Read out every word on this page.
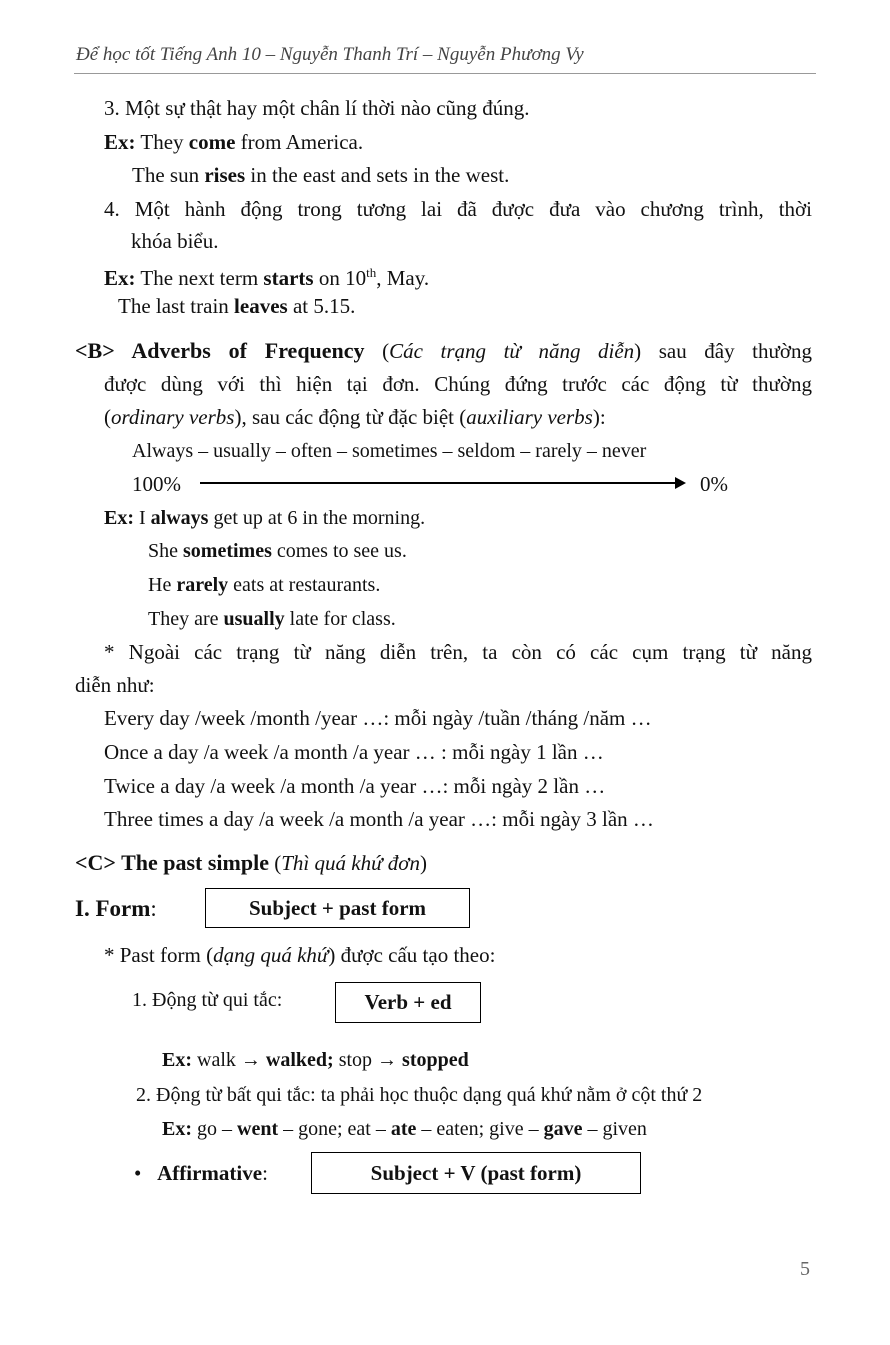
Để học tốt Tiếng Anh 10 – Nguyễn Thanh Trí – Nguyễn Phương Vy
3. Một sự thật hay một chân lí thời nào cũng đúng.
Ex: They come from America.
The sun rises in the east and sets in the west.
4. Một hành động trong tương lai đã được đưa vào chương trình, thời
khóa biểu.
Ex: The next term starts on 10th, May.
The last train leaves at 5.15.
<B> Adverbs of Frequency (Các trạng từ năng diễn) sau đây thường
được dùng với thì hiện tại đơn. Chúng đứng trước các động từ thường
(ordinary verbs), sau các động từ đặc biệt (auxiliary verbs):
Always – usually – often – sometimes – seldom – rarely – never
100%	0%
Ex: I always get up at 6 in the morning.
She sometimes comes to see us.
He rarely eats at restaurants.
They are usually late for class.
* Ngoài các trạng từ năng diễn trên, ta còn có các cụm trạng từ năng
diễn như:
Every day /week /month /year …: mỗi ngày /tuần /tháng /năm …
Once a day /a week /a month /a year … : mỗi ngày 1 lần …
Twice a day /a week /a month /a year …: mỗi ngày 2 lần …
Three times a day /a week /a month /a year …: mỗi ngày 3 lần …
<C> The past simple (Thì quá khứ đơn)
I. Form:	Subject + past form
* Past form (dạng quá khứ) được cấu tạo theo:
1. Động từ qui tắc:	Verb + ed
Ex: walk → walked; stop → stopped
2. Động từ bất qui tắc: ta phải học thuộc dạng quá khứ nằm ở cột thứ 2
Ex: go – went – gone; eat – ate – eaten; give – gave – given
• Affirmative:	Subject + V (past form)
5
